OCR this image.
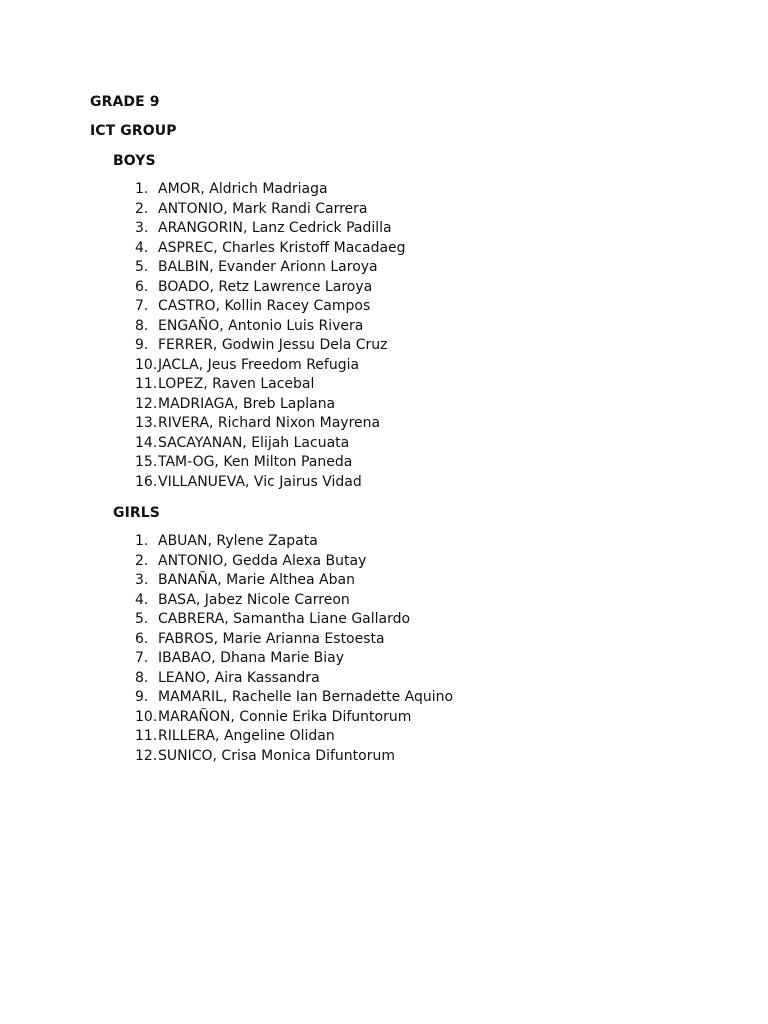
GRADE 9
ICT GROUP
BOYS
1. AMOR, Aldrich Madriaga
2. ANTONIO, Mark Randi Carrera
3. ARANGORIN, Lanz Cedrick Padilla
4. ASPREC, Charles Kristoff Macadaeg
5. BALBIN, Evander Arionn Laroya
6. BOADO, Retz Lawrence Laroya
7. CASTRO, Kollin Racey Campos
8. ENGAÑO, Antonio Luis Rivera
9. FERRER, Godwin Jessu Dela Cruz
10. JACLA, Jeus Freedom Refugia
11. LOPEZ, Raven Lacebal
12. MADRIAGA, Breb Laplana
13. RIVERA, Richard Nixon Mayrena
14. SACAYANAN, Elijah Lacuata
15. TAM-OG, Ken Milton Paneda
16. VILLANUEVA, Vic Jairus Vidad
GIRLS
1. ABUAN, Rylene Zapata
2. ANTONIO, Gedda Alexa Butay
3. BANAÑA, Marie Althea Aban
4. BASA, Jabez Nicole Carreon
5. CABRERA, Samantha Liane Gallardo
6. FABROS, Marie Arianna Estoesta
7. IBABAO, Dhana Marie Biay
8. LEANO, Aira Kassandra
9. MAMARIL, Rachelle Ian Bernadette Aquino
10. MARAÑON, Connie Erika Difuntorum
11. RILLERA, Angeline Olidan
12. SUNICO, Crisa Monica Difuntorum
